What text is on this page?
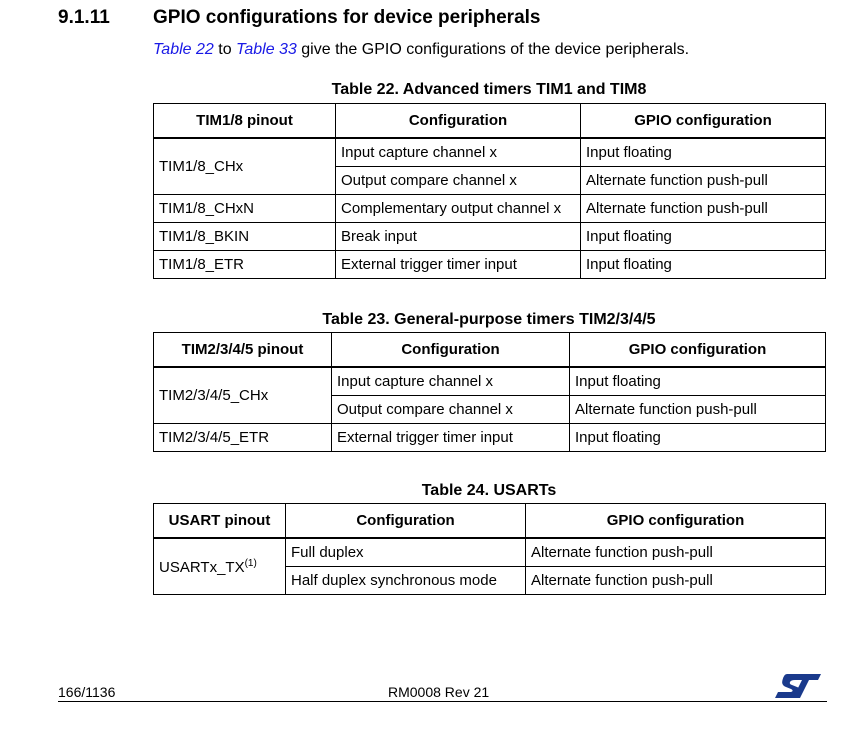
9.1.11 GPIO configurations for device peripherals
Table 22 to Table 33 give the GPIO configurations of the device peripherals.
Table 22. Advanced timers TIM1 and TIM8
TIM1/8 pinout	Configuration	GPIO configuration
TIM1/8_CHx	Input capture channel x	Input floating
	Output compare channel x	Alternate function push-pull
TIM1/8_CHxN	Complementary output channel x	Alternate function push-pull
TIM1/8_BKIN	Break input	Input floating
TIM1/8_ETR	External trigger timer input	Input floating
Table 23. General-purpose timers TIM2/3/4/5
TIM2/3/4/5 pinout	Configuration	GPIO configuration
TIM2/3/4/5_CHx	Input capture channel x	Input floating
	Output compare channel x	Alternate function push-pull
TIM2/3/4/5_ETR	External trigger timer input	Input floating
Table 24. USARTs
USART pinout	Configuration	GPIO configuration
USARTx_TX$^{(1)}$	Full duplex	Alternate function push-pull
	Half duplex synchronous mode	Alternate function push-pull
166/1136	RM0008 Rev 21
